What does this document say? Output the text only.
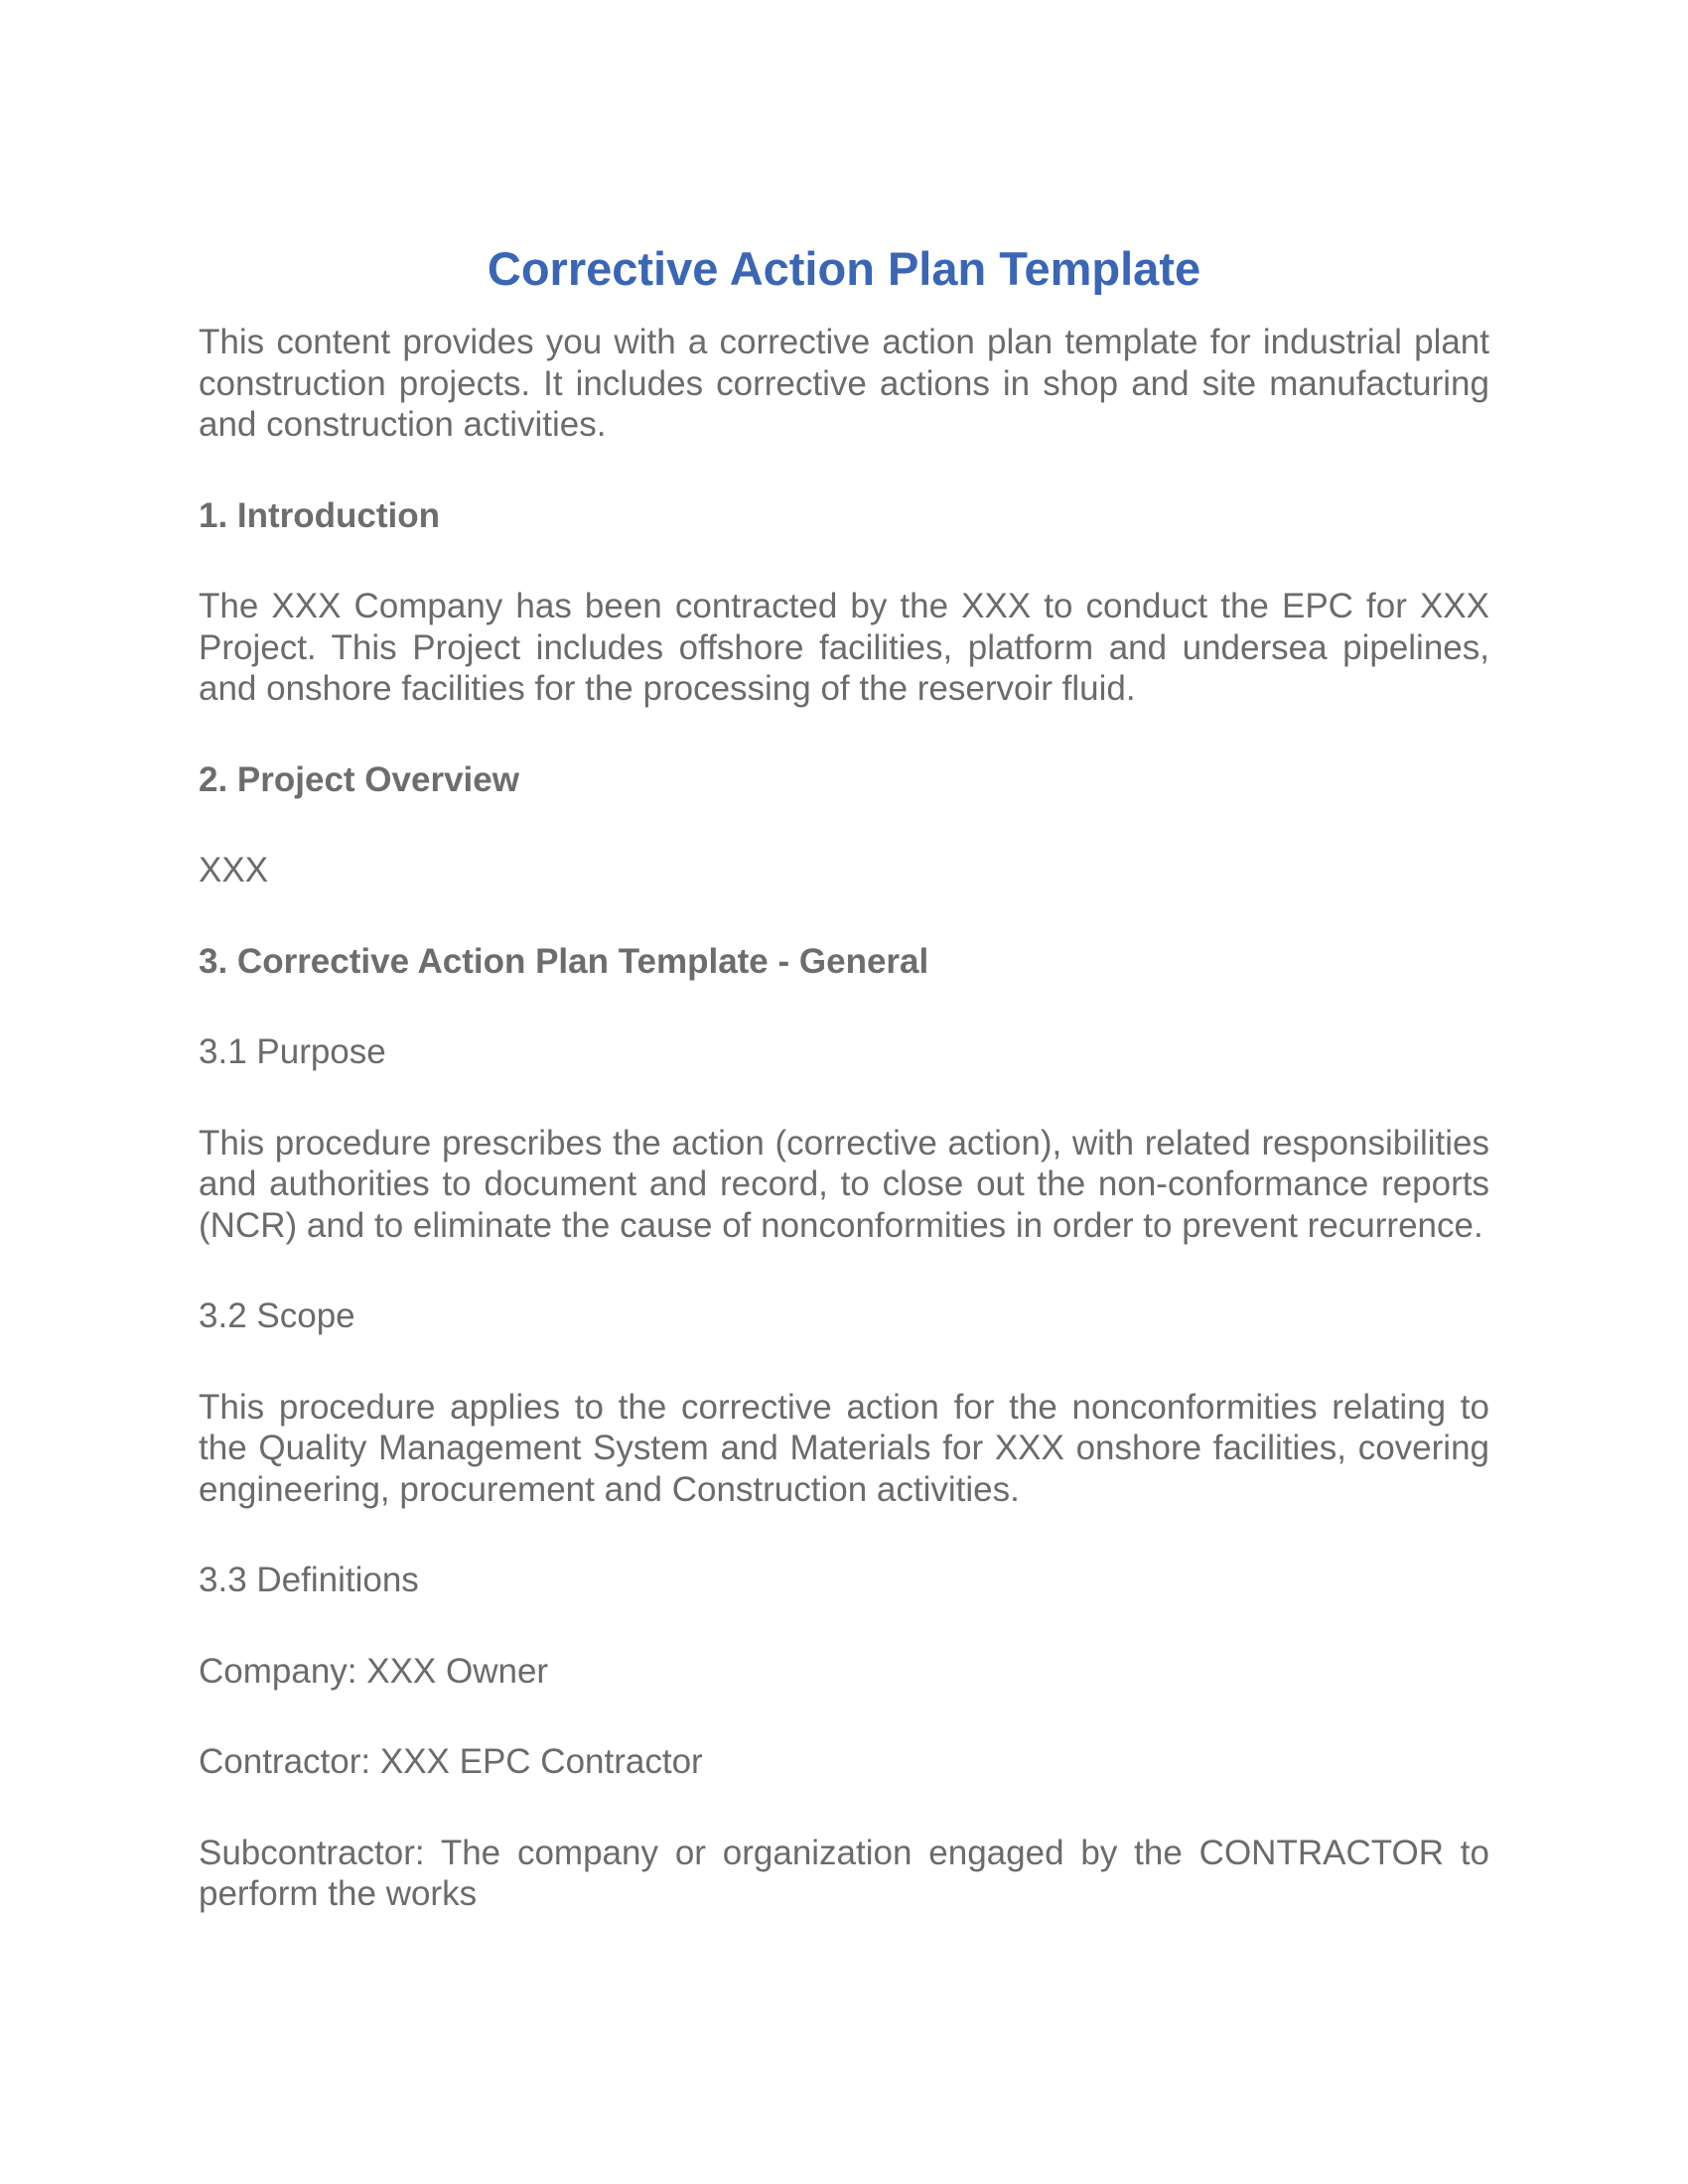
Corrective Action Plan Template

This content provides you with a corrective action plan template for industrial plant construction projects. It includes corrective actions in shop and site manufacturing and construction activities.

1. Introduction

The XXX Company has been contracted by the XXX to conduct the EPC for XXX Project. This Project includes offshore facilities, platform and undersea pipelines, and onshore facilities for the processing of the reservoir fluid.

2. Project Overview

XXX

3. Corrective Action Plan Template - General

3.1 Purpose

This procedure prescribes the action (corrective action), with related responsibilities and authorities to document and record, to close out the non-conformance reports (NCR) and to eliminate the cause of nonconformities in order to prevent recurrence.

3.2 Scope

This procedure applies to the corrective action for the nonconformities relating to the Quality Management System and Materials for XXX onshore facilities, covering engineering, procurement and Construction activities.

3.3 Definitions

Company: XXX Owner

Contractor: XXX EPC Contractor

Subcontractor: The company or organization engaged by the CONTRACTOR to perform the works
